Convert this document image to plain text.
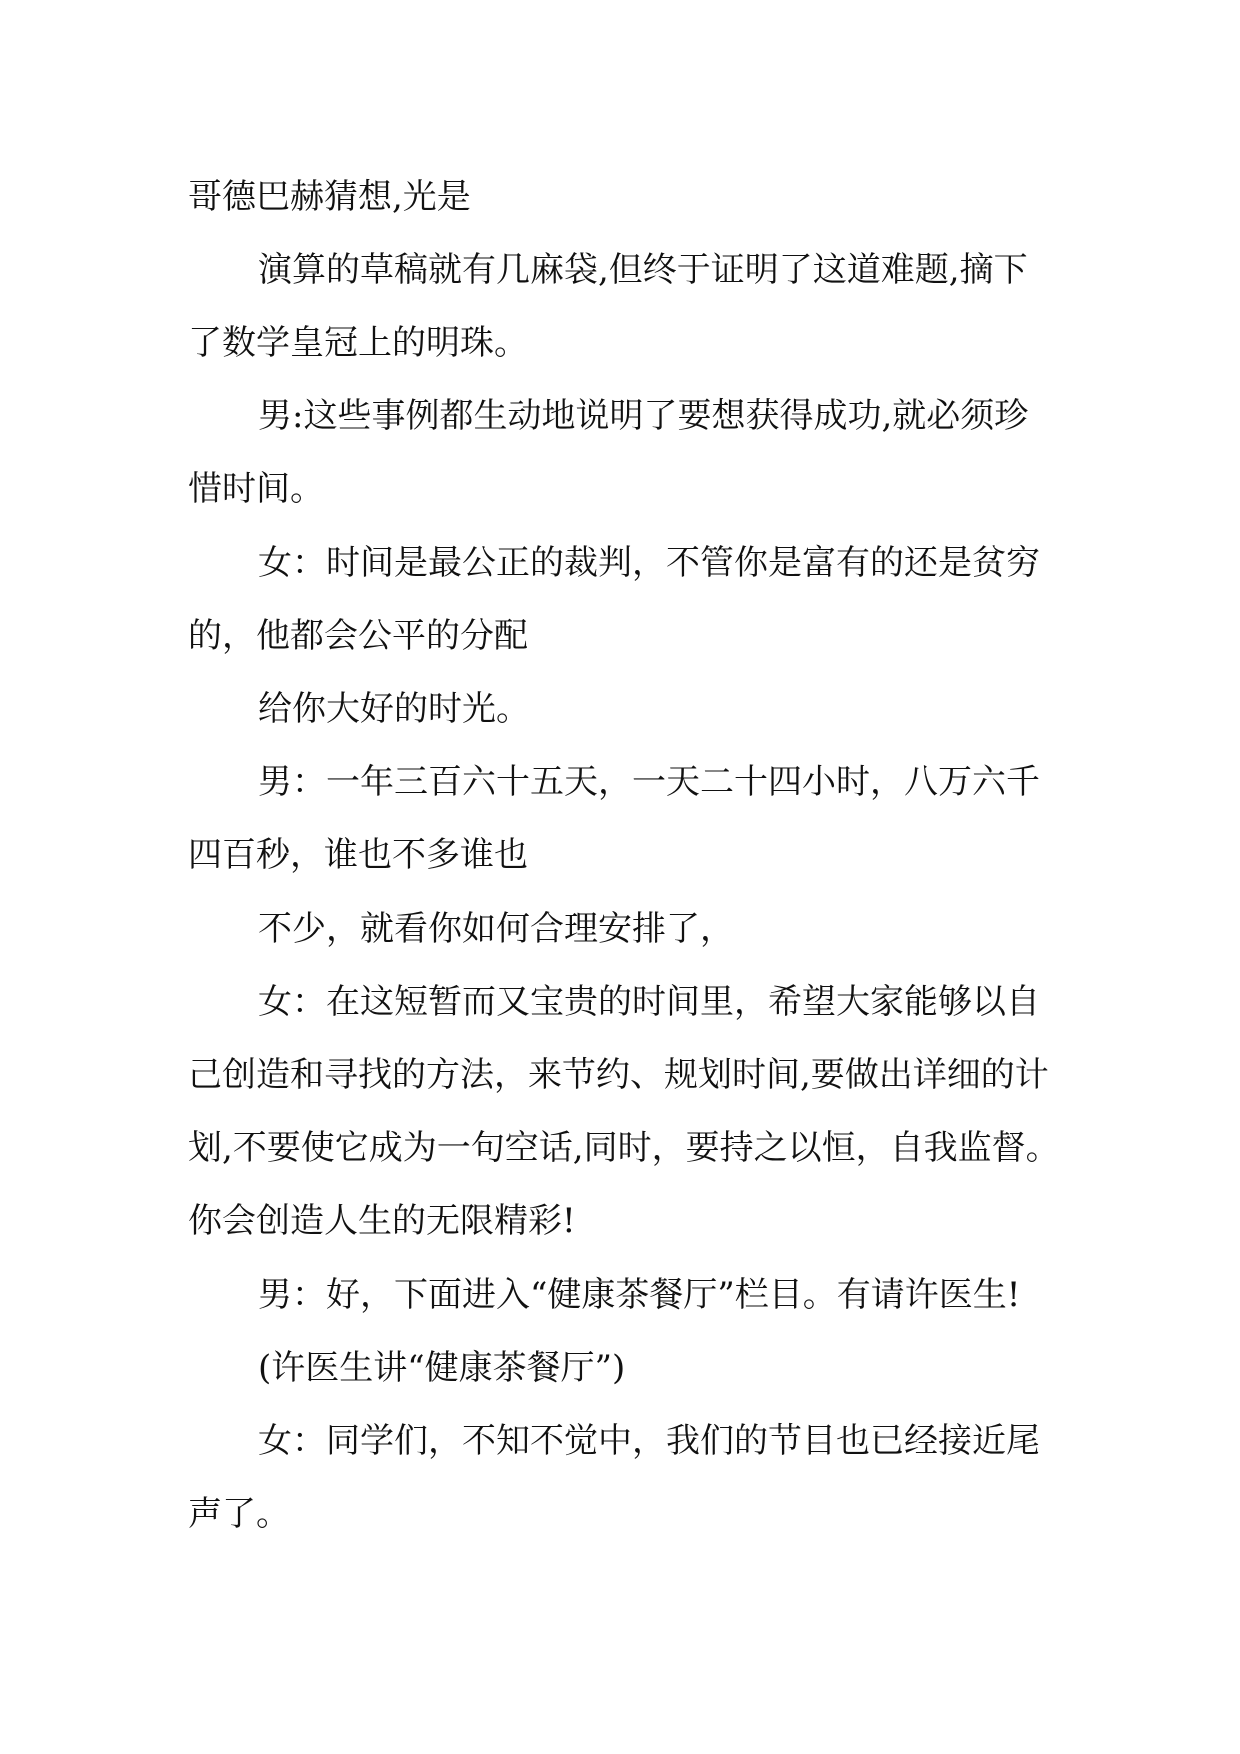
哥德巴赫猜想,光是
演算的草稿就有几麻袋,但终于证明了这道难题,摘下
了数学皇冠上的明珠。
男:这些事例都生动地说明了要想获得成功,就必须珍
惜时间。
女：时间是最公正的裁判，不管你是富有的还是贫穷
的，他都会公平的分配
给你大好的时光。
男：一年三百六十五天，一天二十四小时，八万六千
四百秒，谁也不多谁也
不少，就看你如何合理安排了，
女：在这短暂而又宝贵的时间里，希望大家能够以自
己创造和寻找的方法，来节约、规划时间,要做出详细的计
划,不要使它成为一句空话,同时，要持之以恒，自我监督。
你会创造人生的无限精彩!
男：好，下面进入“健康茶餐厅”栏目。有请许医生!
(许医生讲“健康茶餐厅”)
女：同学们，不知不觉中，我们的节目也已经接近尾
声了。
